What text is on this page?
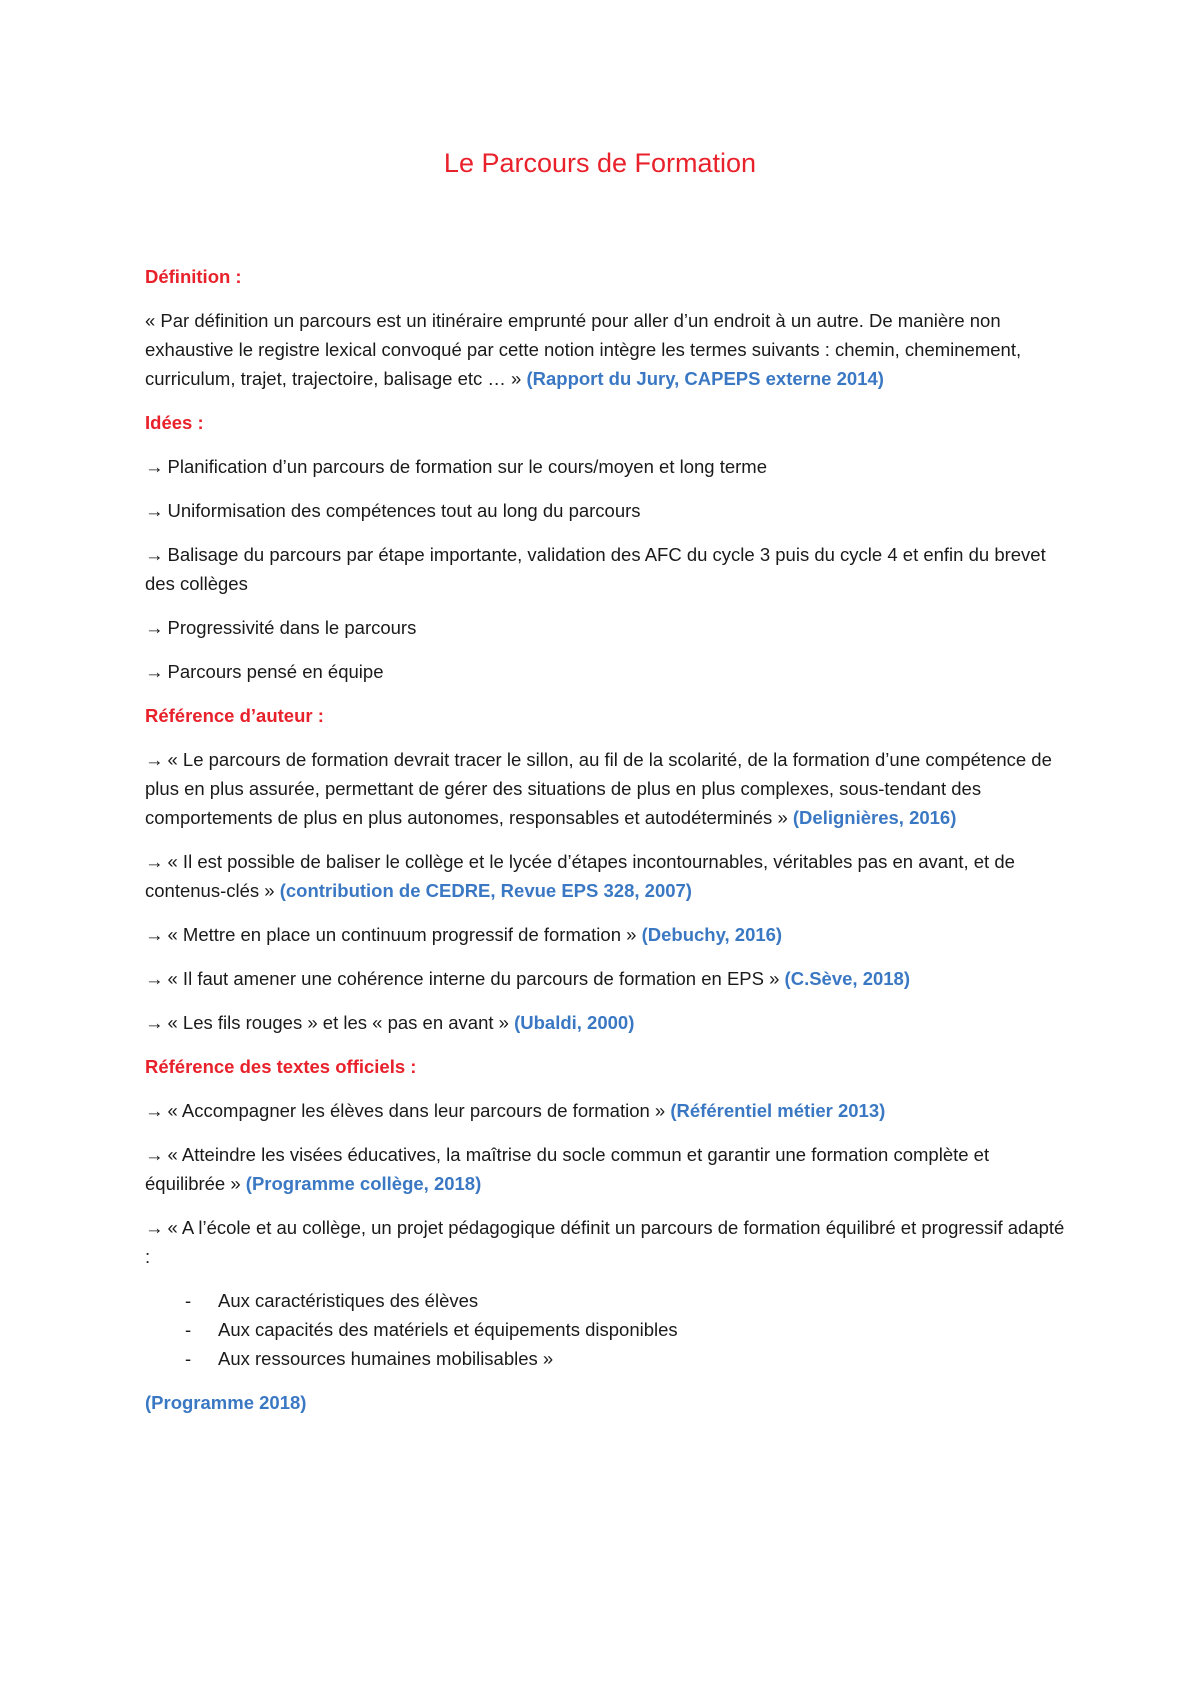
Le Parcours de Formation

Définition :

« Par définition un parcours est un itinéraire emprunté pour aller d’un endroit à un autre. De manière non exhaustive le registre lexical convoqué par cette notion intègre les termes suivants : chemin, cheminement, curriculum, trajet, trajectoire, balisage etc … » (Rapport du Jury, CAPEPS externe 2014)

Idées :

→ Planification d’un parcours de formation sur le cours/moyen et long terme

→ Uniformisation des compétences tout au long du parcours

→ Balisage du parcours par étape importante, validation des AFC du cycle 3 puis du cycle 4 et enfin du brevet des collèges

→ Progressivité dans le parcours

→ Parcours pensé en équipe

Référence d’auteur :

→ « Le parcours de formation devrait tracer le sillon, au fil de la scolarité, de la formation d’une compétence de plus en plus assurée, permettant de gérer des situations de plus en plus complexes, sous-tendant des comportements de plus en plus autonomes, responsables et autodéterminés » (Delignières, 2016)

→ « Il est possible de baliser le collège et le lycée d’étapes incontournables, véritables pas en avant, et de contenus-clés » (contribution de CEDRE, Revue EPS 328, 2007)

→ « Mettre en place un continuum progressif de formation » (Debuchy, 2016)

→ « Il faut amener une cohérence interne du parcours de formation en EPS » (C.Sève, 2018)

→ « Les fils rouges » et les « pas en avant » (Ubaldi, 2000)

Référence des textes officiels :

→ « Accompagner les élèves dans leur parcours de formation » (Référentiel métier 2013)

→ « Atteindre les visées éducatives, la maîtrise du socle commun et garantir une formation complète et équilibrée » (Programme collège, 2018)

→ « A l’école et au collège, un projet pédagogique définit un parcours de formation équilibré et progressif adapté :

- Aux caractéristiques des élèves
- Aux capacités des matériels et équipements disponibles
- Aux ressources humaines mobilisables »

(Programme 2018)
